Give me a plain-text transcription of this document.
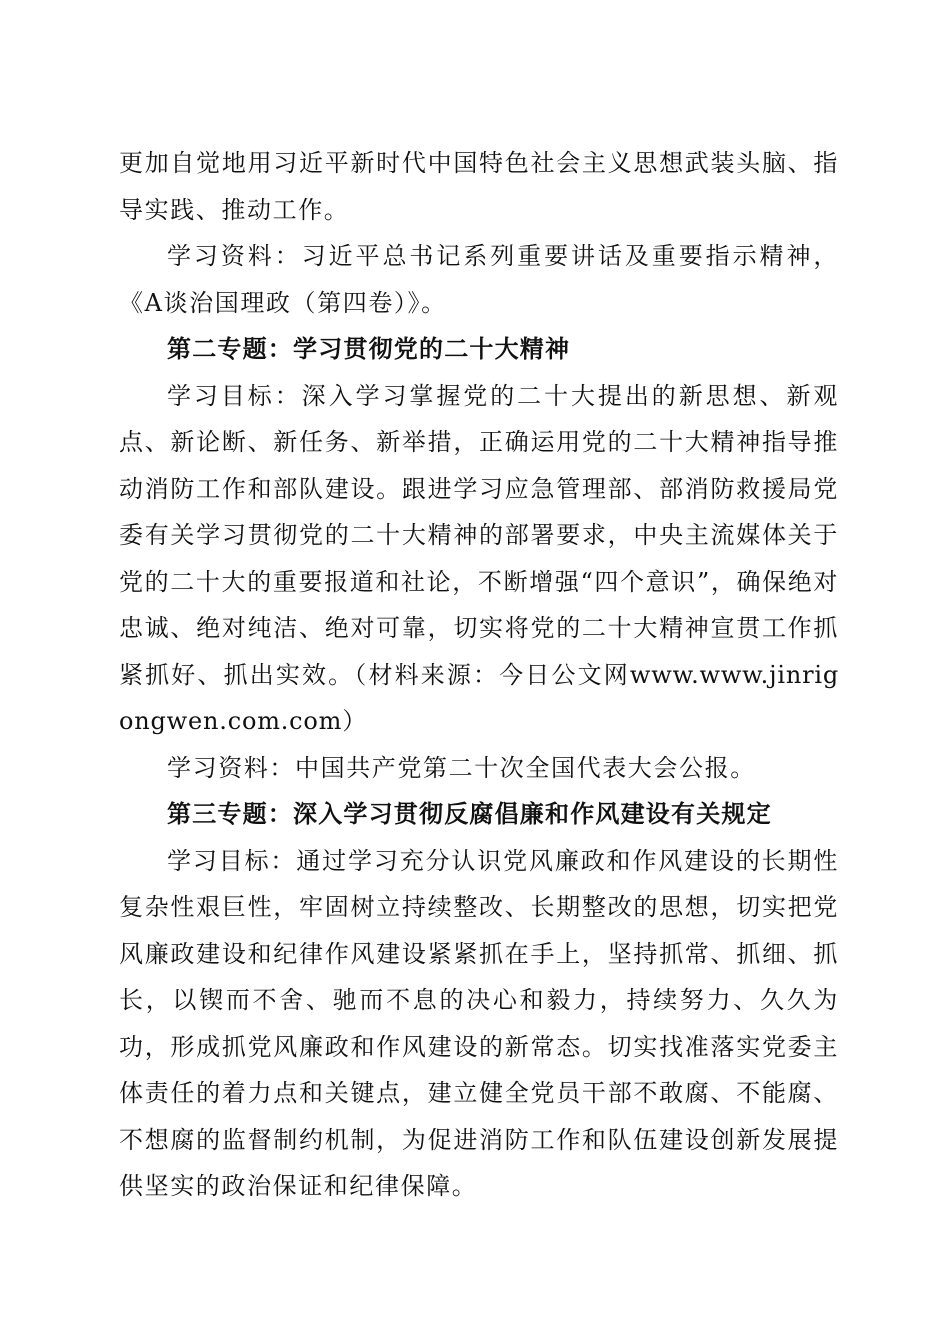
更加自觉地用习近平新时代中国特色社会主义思想武装头脑、指导实践、推动工作。

学习资料：习近平总书记系列重要讲话及重要指示精神，《A谈治国理政（第四卷）》。

第二专题：学习贯彻党的二十大精神

学习目标：深入学习掌握党的二十大提出的新思想、新观点、新论断、新任务、新举措，正确运用党的二十大精神指导推动消防工作和部队建设。跟进学习应急管理部、部消防救援局党委有关学习贯彻党的二十大精神的部署要求，中央主流媒体关于党的二十大的重要报道和社论，不断增强“四个意识”，确保绝对忠诚、绝对纯洁、绝对可靠，切实将党的二十大精神宣贯工作抓紧抓好、抓出实效。（材料来源：今日公文网www.www.jinrigongwen.com.com）

学习资料：中国共产党第二十次全国代表大会公报。

第三专题：深入学习贯彻反腐倡廉和作风建设有关规定

学习目标：通过学习充分认识党风廉政和作风建设的长期性复杂性艰巨性，牢固树立持续整改、长期整改的思想，切实把党风廉政建设和纪律作风建设紧紧抓在手上，坚持抓常、抓细、抓长，以锲而不舍、驰而不息的决心和毅力，持续努力、久久为功，形成抓党风廉政和作风建设的新常态。切实找准落实党委主体责任的着力点和关键点，建立健全党员干部不敢腐、不能腐、不想腐的监督制约机制，为促进消防工作和队伍建设创新发展提供坚实的政治保证和纪律保障。
